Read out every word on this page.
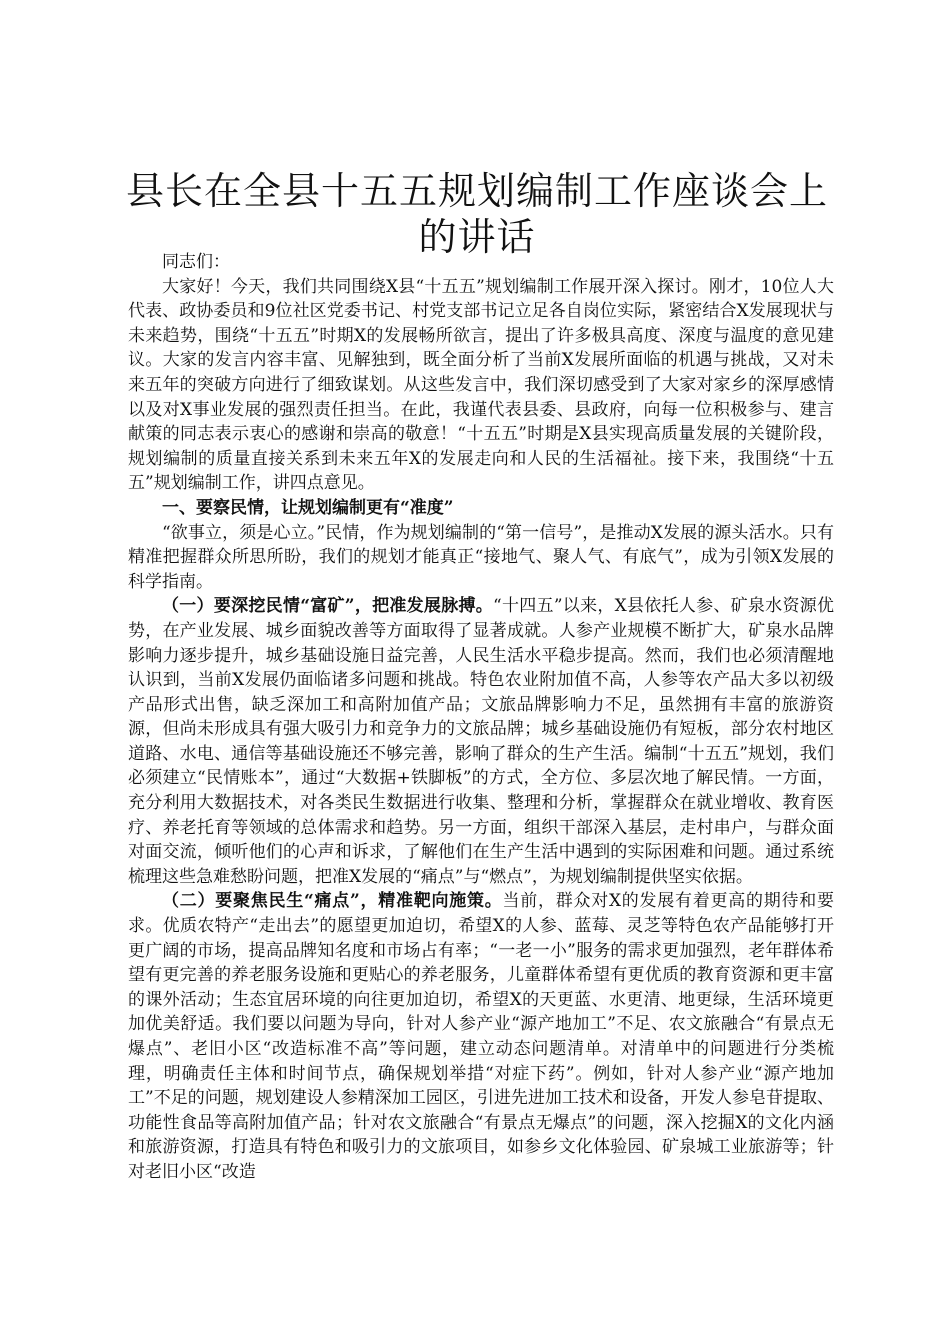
县长在全县十五五规划编制工作座谈会上的讲话

同志们：

大家好！今天，我们共同围绕X县“十五五”规划编制工作展开深入探讨。刚才，10位人大代表、政协委员和9位社区党委书记、村党支部书记立足各自岗位实际，紧密结合X发展现状与未来趋势，围绕“十五五”时期X的发展畅所欲言，提出了许多极具高度、深度与温度的意见建议。大家的发言内容丰富、见解独到，既全面分析了当前X发展所面临的机遇与挑战，又对未来五年的突破方向进行了细致谋划。从这些发言中，我们深切感受到了大家对家乡的深厚感情以及对X事业发展的强烈责任担当。在此，我谨代表县委、县政府，向每一位积极参与、建言献策的同志表示衷心的感谢和崇高的敬意！“十五五”时期是X县实现高质量发展的关键阶段，规划编制的质量直接关系到未来五年X的发展走向和人民的生活福祉。接下来，我围绕“十五五”规划编制工作，讲四点意见。

一、要察民情，让规划编制更有“准度”

“欲事立，须是心立。”民情，作为规划编制的“第一信号”，是推动X发展的源头活水。只有精准把握群众所思所盼，我们的规划才能真正“接地气、聚人气、有底气”，成为引领X发展的科学指南。

（一）要深挖民情“富矿”，把准发展脉搏。“十四五”以来，X县依托人参、矿泉水资源优势，在产业发展、城乡面貌改善等方面取得了显著成就。人参产业规模不断扩大，矿泉水品牌影响力逐步提升，城乡基础设施日益完善，人民生活水平稳步提高。然而，我们也必须清醒地认识到，当前X发展仍面临诸多问题和挑战。特色农业附加值不高，人参等农产品大多以初级产品形式出售，缺乏深加工和高附加值产品；文旅品牌影响力不足，虽然拥有丰富的旅游资源，但尚未形成具有强大吸引力和竞争力的文旅品牌；城乡基础设施仍有短板，部分农村地区道路、水电、通信等基础设施还不够完善，影响了群众的生产生活。编制“十五五”规划，我们必须建立“民情账本”，通过“大数据+铁脚板”的方式，全方位、多层次地了解民情。一方面，充分利用大数据技术，对各类民生数据进行收集、整理和分析，掌握群众在就业增收、教育医疗、养老托育等领域的总体需求和趋势。另一方面，组织干部深入基层，走村串户，与群众面对面交流，倾听他们的心声和诉求，了解他们在生产生活中遇到的实际困难和问题。通过系统梳理这些急难愁盼问题，把准X发展的“痛点”与“燃点”，为规划编制提供坚实依据。

（二）要聚焦民生“痛点”，精准靶向施策。当前，群众对X的发展有着更高的期待和要求。优质农特产“走出去”的愿望更加迫切，希望X的人参、蓝莓、灵芝等特色农产品能够打开更广阔的市场，提高品牌知名度和市场占有率；“一老一小”服务的需求更加强烈，老年群体希望有更完善的养老服务设施和更贴心的养老服务，儿童群体希望有更优质的教育资源和更丰富的课外活动；生态宜居环境的向往更加迫切，希望X的天更蓝、水更清、地更绿，生活环境更加优美舒适。我们要以问题为导向，针对人参产业“源产地加工”不足、农文旅融合“有景点无爆点”、老旧小区“改造标准不高”等问题，建立动态问题清单。对清单中的问题进行分类梳理，明确责任主体和时间节点，确保规划举措“对症下药”。例如，针对人参产业“源产地加工”不足的问题，规划建设人参精深加工园区，引进先进加工技术和设备，开发人参皂苷提取、功能性食品等高附加值产品；针对农文旅融合“有景点无爆点”的问题，深入挖掘X的文化内涵和旅游资源，打造具有特色和吸引力的文旅项目，如参乡文化体验园、矿泉城工业旅游等；针对老旧小区“改造
